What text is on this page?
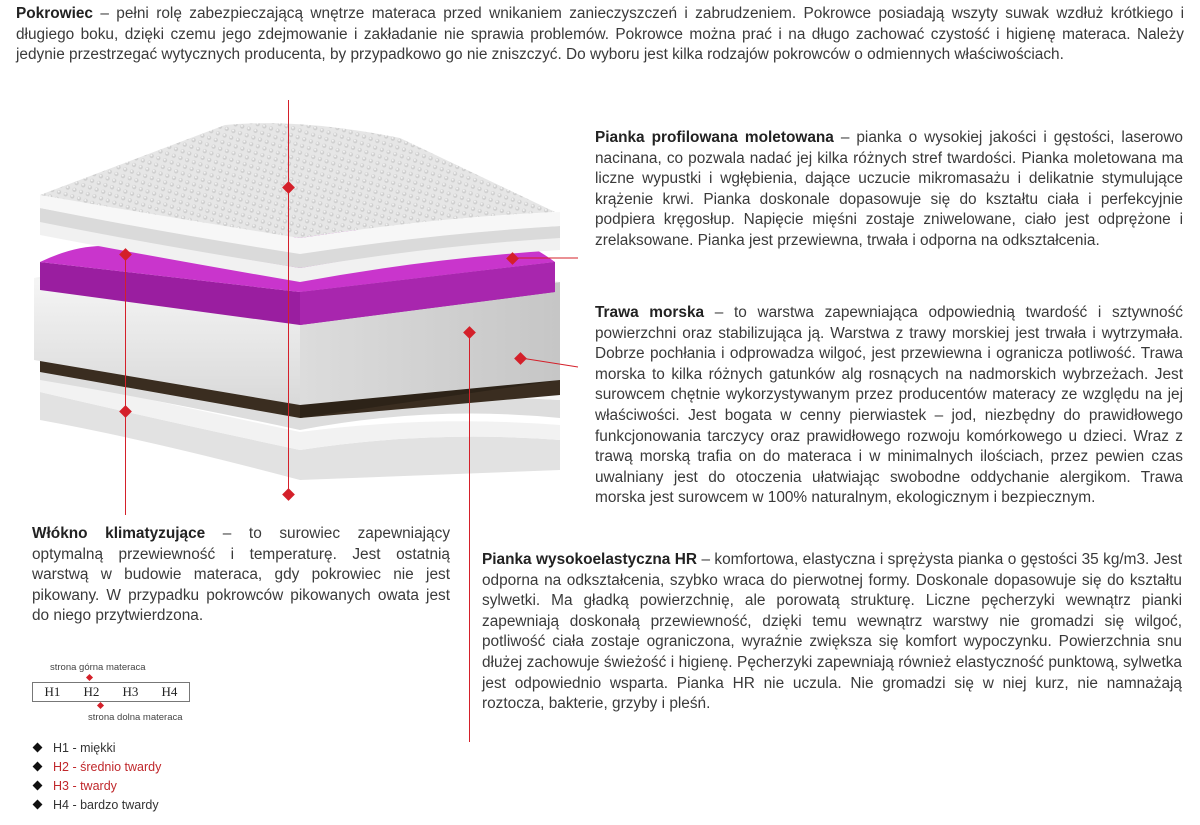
Pokrowiec – pełni rolę zabezpieczającą wnętrze materaca przed wnikaniem zanieczyszczeń i zabrudzeniem. Pokrowce posiadają wszyty suwak wzdłuż krótkiego i długiego boku, dzięki czemu jego zdejmowanie i zakładanie nie sprawia problemów. Pokrowce można prać i na długo zachować czystość i higienę materaca. Należy jedynie przestrzegać wytycznych producenta, by przypadkowo go nie zniszczyć. Do wyboru jest kilka rodzajów pokrowców o odmiennych właściwościach.

Pianka profilowana moletowana – pianka o wysokiej jakości i gęstości, laserowo nacinana, co pozwala nadać jej kilka różnych stref twardości. Pianka moletowana ma liczne wypustki i wgłębienia, dające uczucie mikromasażu i delikatnie stymulujące krążenie krwi. Pianka doskonale dopasowuje się do kształtu ciała i perfekcyjnie podpiera kręgosłup. Napięcie mięśni zostaje zniwelowane, ciało jest odprężone i zrelaksowane. Pianka jest przewiewna, trwała i odporna na odkształcenia.

Trawa morska – to warstwa zapewniająca odpowiednią twardość i sztywność powierzchni oraz stabilizująca ją. Warstwa z trawy morskiej jest trwała i wytrzymała. Dobrze pochłania i odprowadza wilgoć, jest przewiewna i ogranicza potliwość. Trawa morska to kilka różnych gatunków alg rosnących na nadmorskich wybrzeżach. Jest surowcem chętnie wykorzystywanym przez producentów materacy ze względu na jej właściwości. Jest bogata w cenny pierwiastek – jod, niezbędny do prawidłowego funkcjonowania tarczycy oraz prawidłowego rozwoju komórkowego u dzieci. Wraz z trawą morską trafia on do materaca i w minimalnych ilościach, przez pewien czas uwalniany jest do otoczenia ułatwiając swobodne oddychanie alergikom. Trawa morska jest surowcem w 100% naturalnym, ekologicznym i bezpiecznym.

Włókno klimatyzujące – to surowiec zapewniający optymalną przewiewność i temperaturę. Jest ostatnią warstwą w budowie materaca, gdy pokrowiec nie jest pikowany. W przypadku pokrowców pikowanych owata jest do niego przytwierdzona.

Pianka wysokoelastyczna HR – komfortowa, elastyczna i sprężysta pianka o gęstości 35 kg/m3. Jest odporna na odkształcenia, szybko wraca do pierwotnej formy. Doskonale dopasowuje się do kształtu sylwetki. Ma gładką powierzchnię, ale porowatą strukturę. Liczne pęcherzyki wewnątrz pianki zapewniają doskonałą przewiewność, dzięki temu wewnątrz warstwy nie gromadzi się wilgoć, potliwość ciała zostaje ograniczona, wyraźnie zwiększa się komfort wypoczynku. Powierzchnia snu dłużej zachowuje świeżość i higienę. Pęcherzyki zapewniają również elastyczność punktową, sylwetka jest odpowiednio wsparta. Pianka HR nie uczula. Nie gromadzi się w niej kurz, nie namnażają roztocza, bakterie, grzyby i pleśń.

strona górna materaca
H1 H2 H3 H4
strona dolna materaca
H1 - miękki
H2 - średnio twardy
H3 - twardy
H4 - bardzo twardy
